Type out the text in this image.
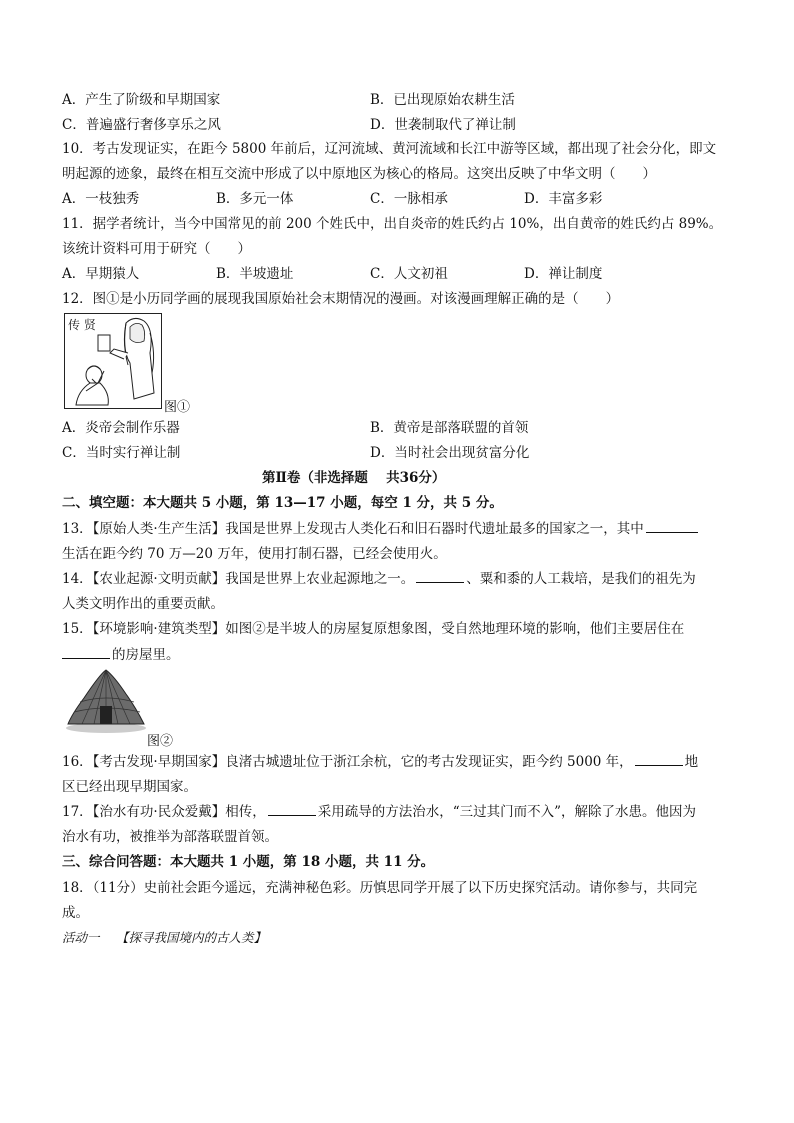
A．产生了阶级和早期国家	B．已出现原始农耕生活
C．普遍盛行奢侈享乐之风	D．世袭制取代了禅让制
10．考古发现证实，在距今 5800 年前后，辽河流域、黄河流域和长江中游等区域，都出现了社会分化，即文
明起源的迹象，最终在相互交流中形成了以中原地区为核心的格局。这突出反映了中华文明（　　）
A．一枝独秀	B．多元一体	C．一脉相承	D．丰富多彩
11．据学者统计，当今中国常见的前 200 个姓氏中，出自炎帝的姓氏约占 10%，出自黄帝的姓氏约占 89%。
该统计资料可用于研究（　　）
A．早期猿人	B．半坡遗址	C．人文初祖	D．禅让制度
12．图①是小历同学画的展现我国原始社会末期情况的漫画。对该漫画理解正确的是（　　）
传 贤
图①
A．炎帝会制作乐器	B．黄帝是部落联盟的首领
C．当时实行禅让制	D．当时社会出现贫富分化
第Ⅱ卷（非选择题　 共36分）
二、填空题：本大题共 5 小题，第 13—17 小题，每空 1 分，共 5 分。
13．【原始人类·生产生活】我国是世界上发现古人类化石和旧石器时代遗址最多的国家之一，其中
生活在距今约 70 万—20 万年，使用打制石器，已经会使用火。
14．【农业起源·文明贡献】我国是世界上农业起源地之一。	、粟和黍的人工栽培，是我们的祖先为
人类文明作出的重要贡献。
15．【环境影响·建筑类型】如图②是半坡人的房屋复原想象图，受自然地理环境的影响，他们主要居住在
的房屋里。
图②
16．【考古发现·早期国家】良渚古城遗址位于浙江余杭，它的考古发现证实，距今约 5000 年，	地
区已经出现早期国家。
17．【治水有功·民众爱戴】相传，	采用疏导的方法治水，“三过其门而不入”，解除了水患。他因为
治水有功，被推举为部落联盟首领。
三、综合问答题：本大题共 1 小题，第 18 小题，共 11 分。
18．（11分）史前社会距今遥远，充满神秘色彩。历慎思同学开展了以下历史探究活动。请你参与，共同完
成。
活动一　 【探寻我国境内的古人类】
